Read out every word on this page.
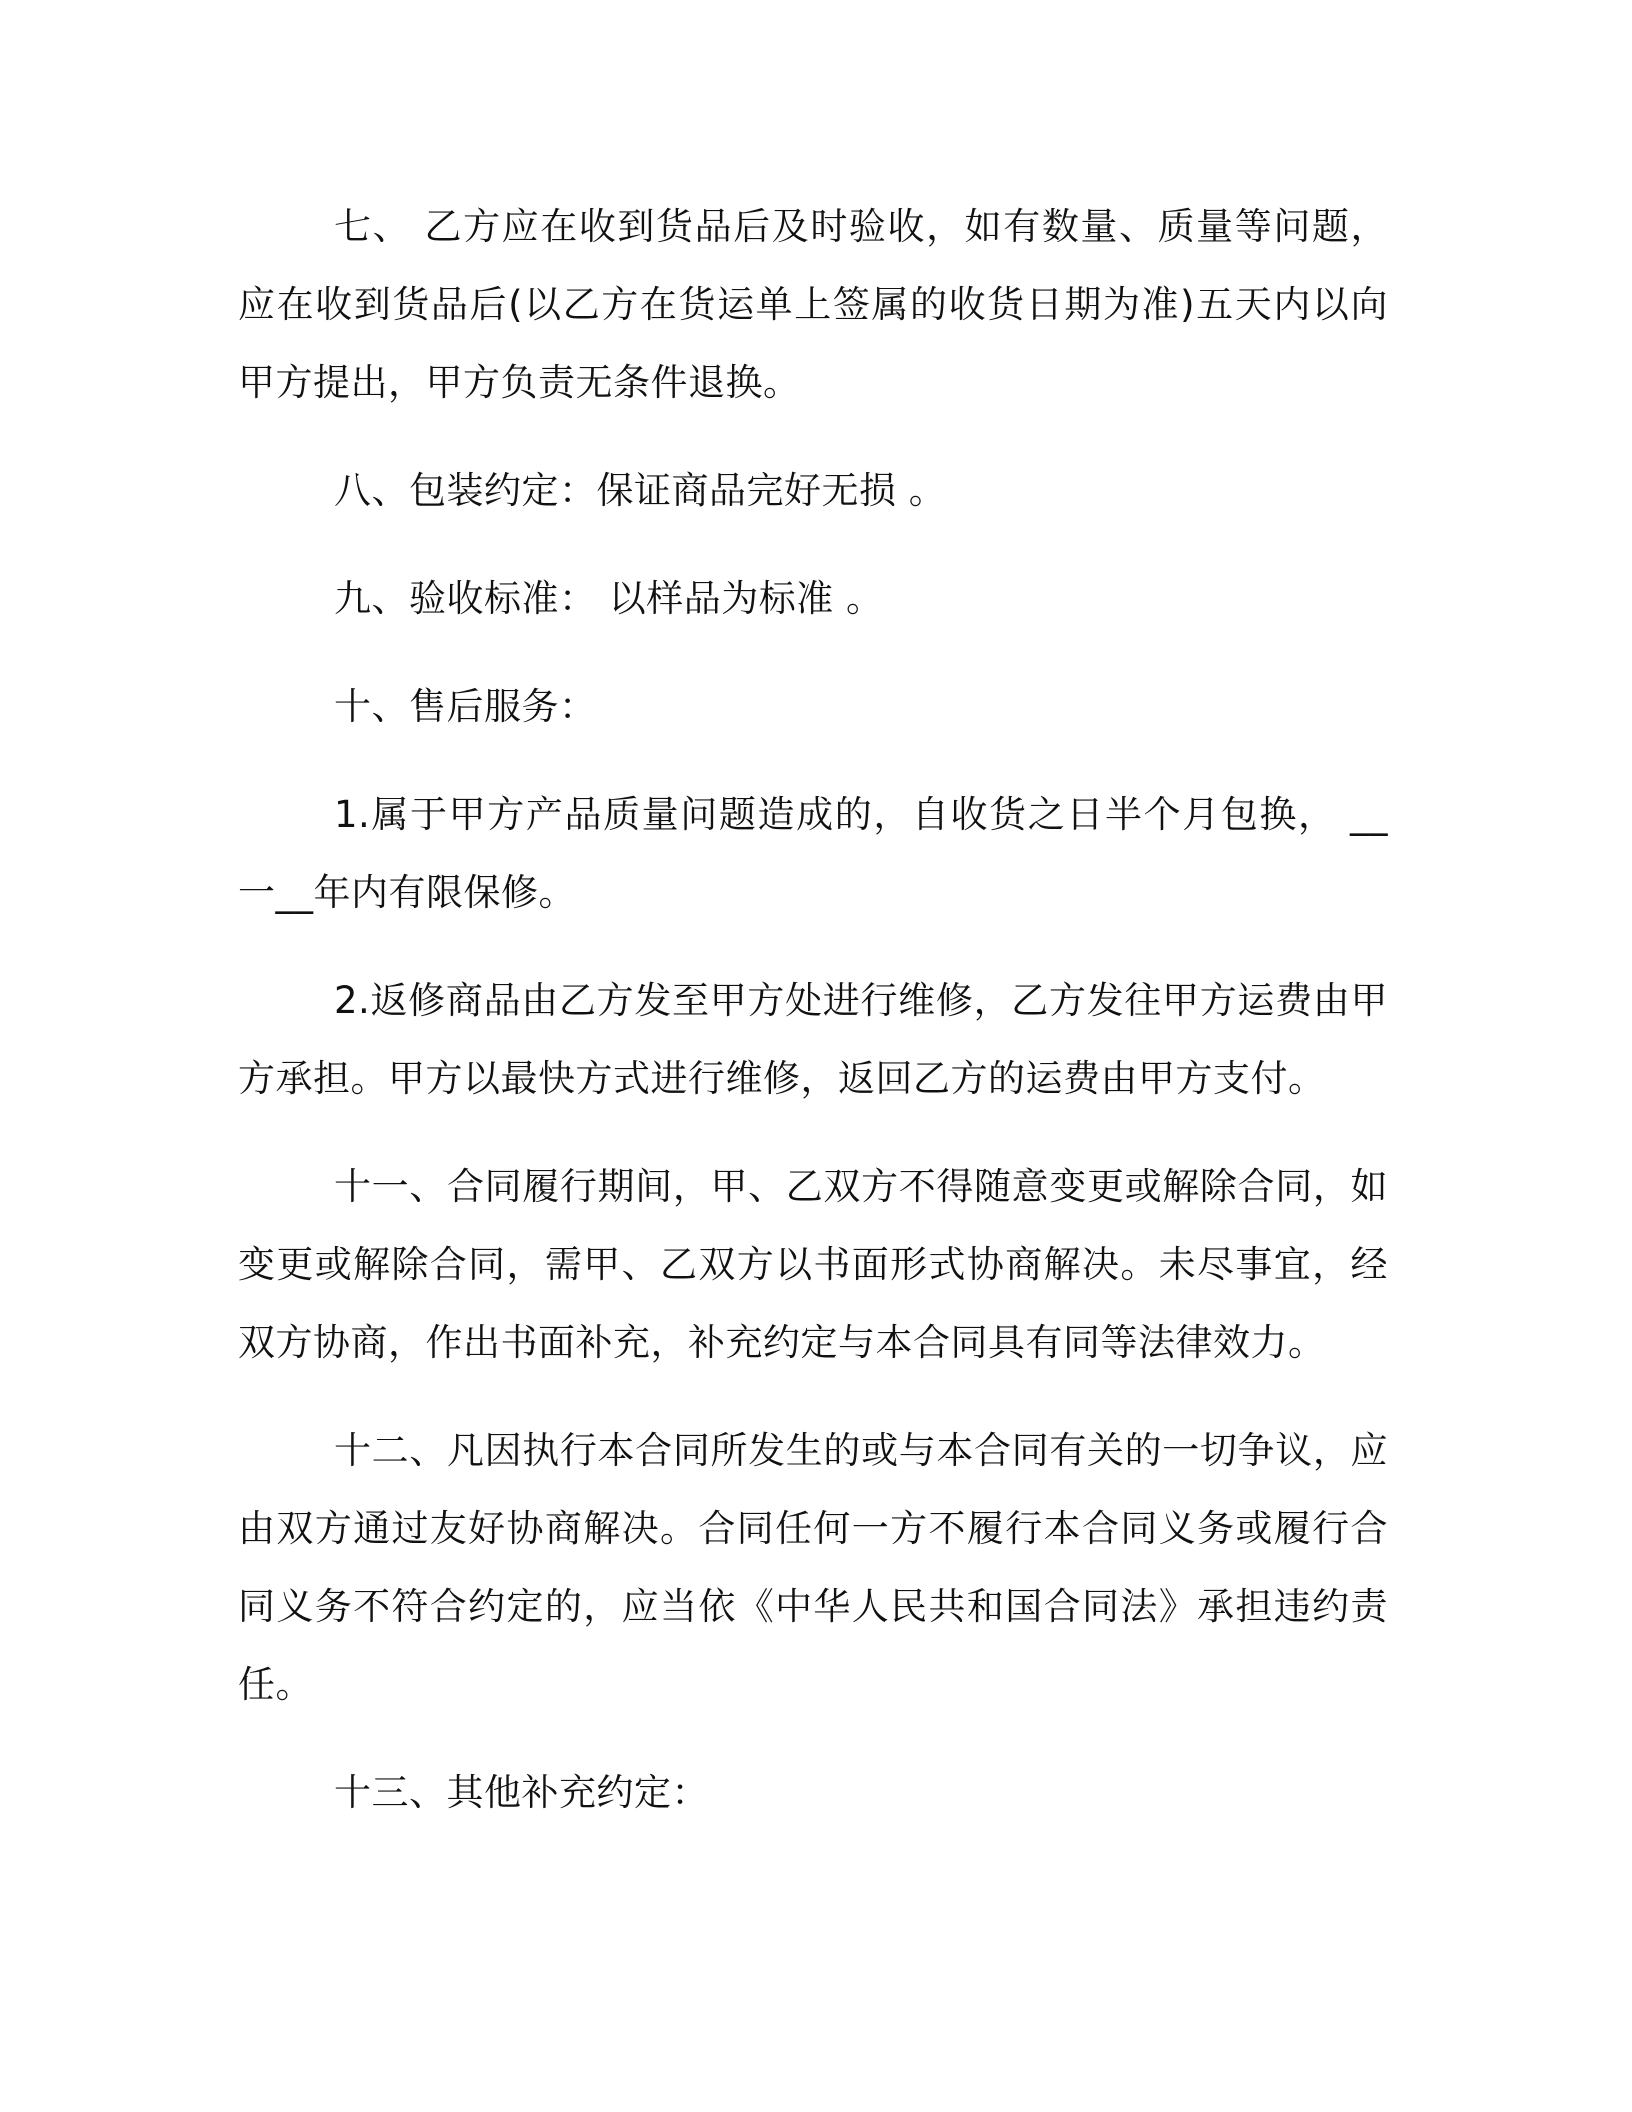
七、 乙方应在收到货品后及时验收，如有数量、质量等问题，应在收到货品后(以乙方在货运单上签属的收货日期为准)五天内以向甲方提出，甲方负责无条件退换。

八、包装约定：保证商品完好无损 。

九、验收标准： 以样品为标准 。

十、售后服务：

1.属于甲方产品质量问题造成的，自收货之日半个月包换， __一__年内有限保修。

2.返修商品由乙方发至甲方处进行维修，乙方发往甲方运费由甲方承担。甲方以最快方式进行维修，返回乙方的运费由甲方支付。

十一、合同履行期间，甲、乙双方不得随意变更或解除合同，如变更或解除合同，需甲、乙双方以书面形式协商解决。未尽事宜，经双方协商，作出书面补充，补充约定与本合同具有同等法律效力。

十二、凡因执行本合同所发生的或与本合同有关的一切争议，应由双方通过友好协商解决。合同任何一方不履行本合同义务或履行合同义务不符合约定的，应当依《中华人民共和国合同法》承担违约责任。

十三、其他补充约定：
